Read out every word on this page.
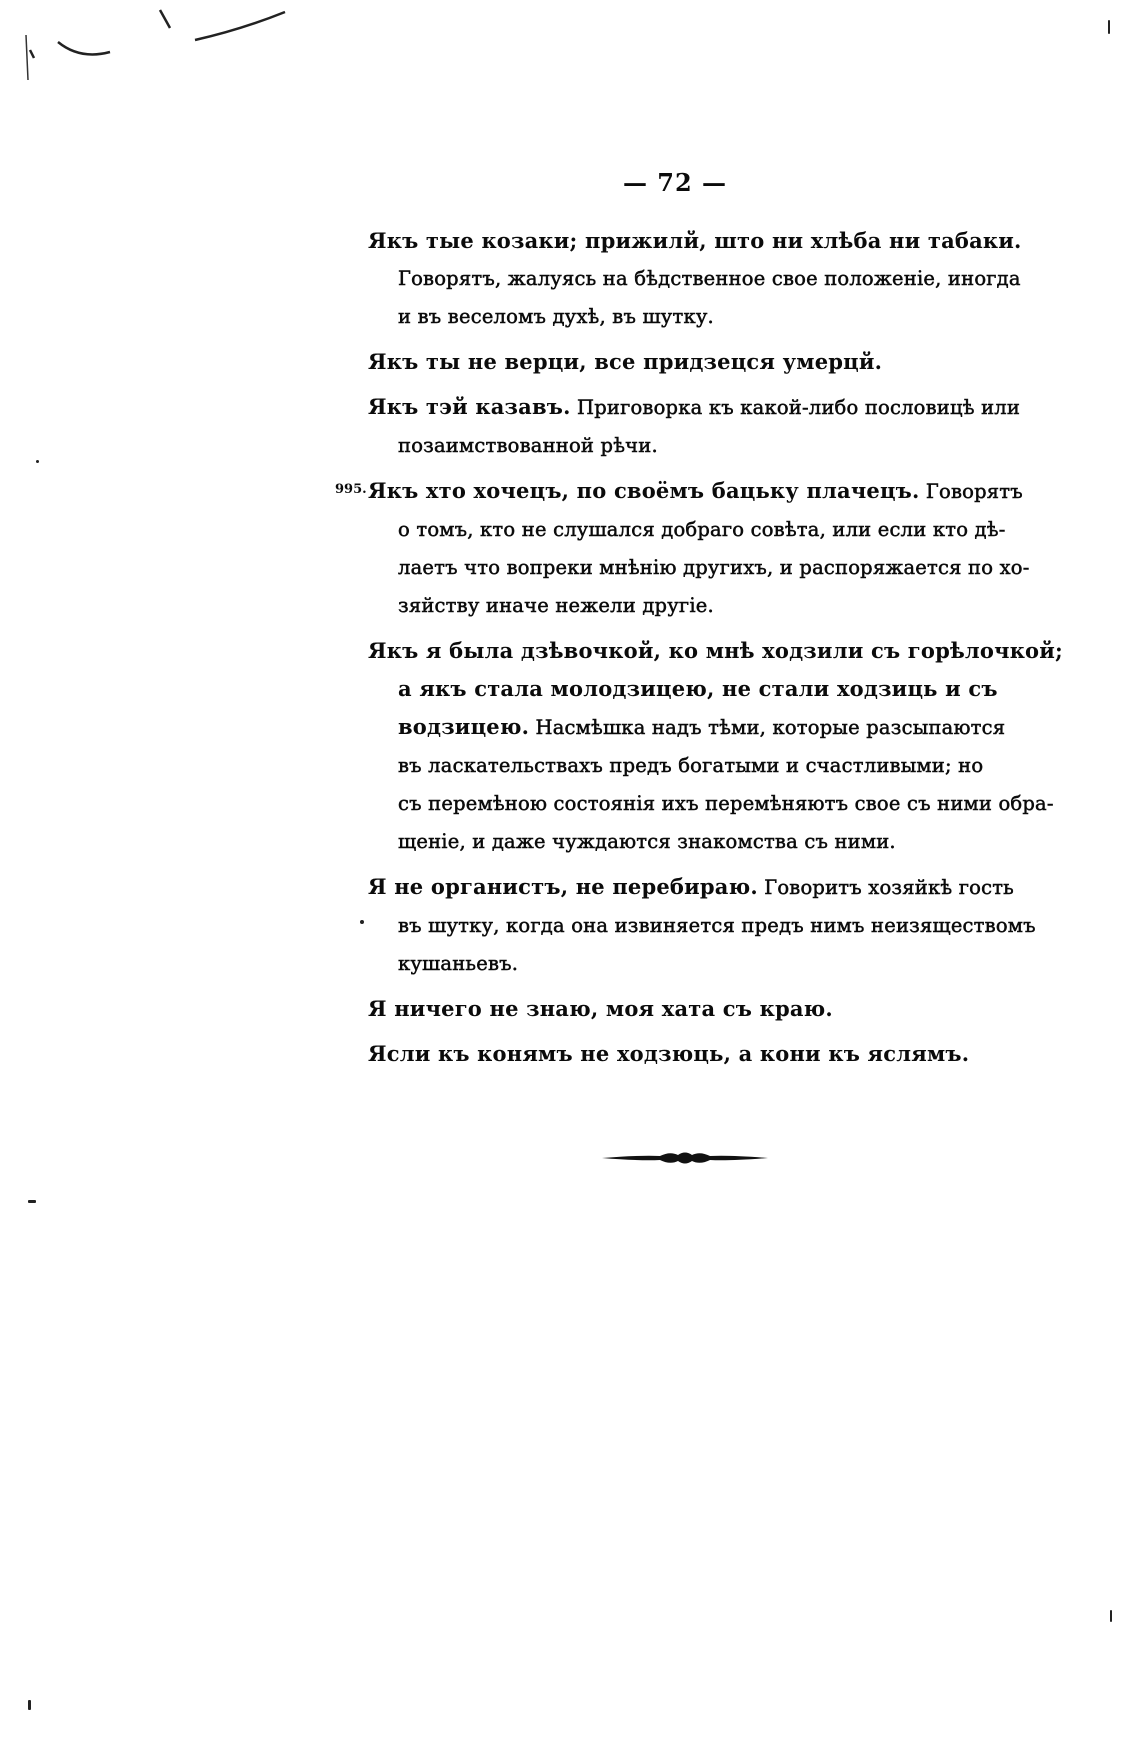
— 72 —
Якъ тые козаки; прижилй, што ни хлѣба ни табаки.
Говорятъ, жалуясь на бѣдственное свое положеніе, иногда
и въ веселомъ духѣ, въ шутку.
Якъ ты не верци, все придзецся умерцй.
Якъ тэй казавъ. Приговорка къ какой-либо пословицѣ или
позаимствованной рѣчи.
995. Якъ хто хочецъ, по своёмъ бацьку плачецъ. Говорятъ
о томъ, кто не слушался добраго совѣта, или если кто дѣ-
лаетъ что вопреки мнѣнію другихъ, и распоряжается по хо-
зяйству иначе нежели другіе.
Якъ я была дзѣвочкой, ко мнѣ ходзили съ горѣлочкой;
а якъ стала молодзицею, не стали ходзиць и съ
водзицею. Насмѣшка надъ тѣми, которые разсыпаются
въ ласкательствахъ предъ богатыми и счастливыми; но
съ перемѣною состоянія ихъ перемѣняютъ свое съ ними обра-
щеніе, и даже чуждаются знакомства съ ними.
Я не органистъ, не перебираю. Говоритъ хозяйкѣ гость
въ шутку, когда она извиняется предъ нимъ неизяществомъ
кушаньевъ.
Я ничего не знаю, моя хата съ краю.
Ясли къ конямъ не ходзюць, а кони къ яслямъ.
